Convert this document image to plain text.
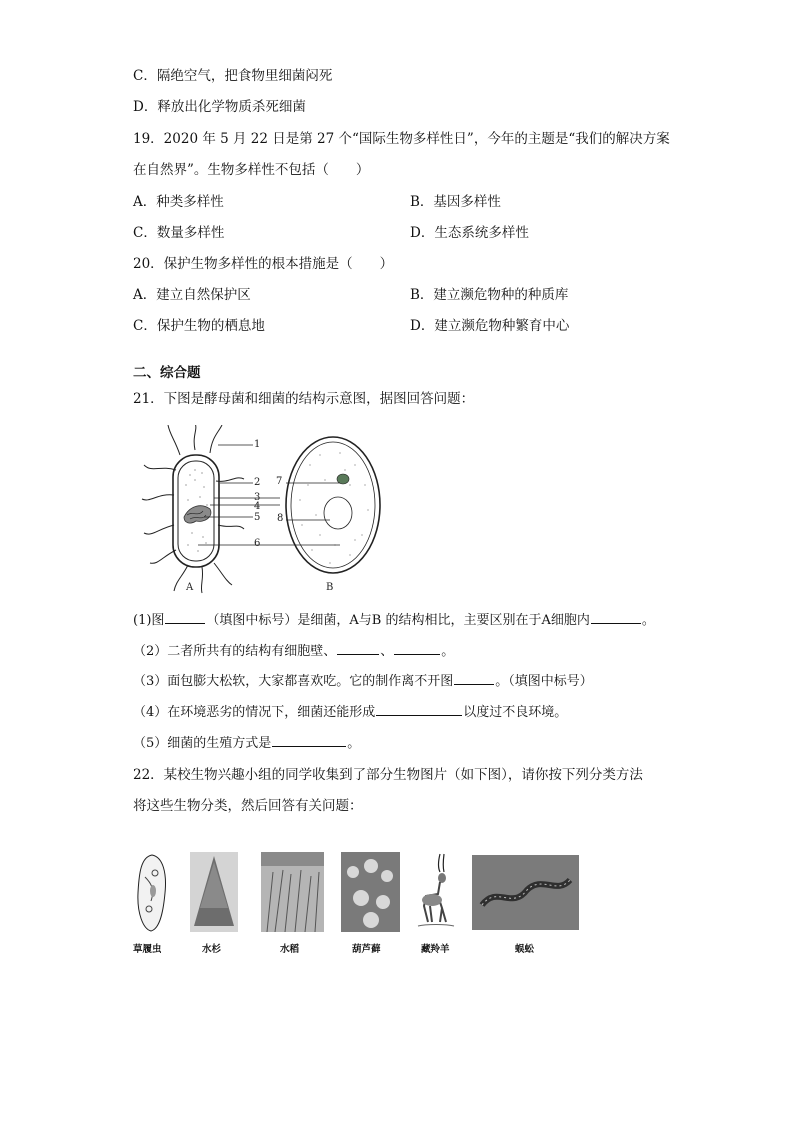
C．隔绝空气，把食物里细菌闷死
D．释放出化学物质杀死细菌
19．2020 年 5 月 22 日是第 27 个“国际生物多样性日”，今年的主题是“我们的解决方案
在自然界”。生物多样性不包括（　　）
A．种类多样性	B．基因多样性
C．数量多样性	D．生态系统多样性
20．保护生物多样性的根本措施是（　　）
A．建立自然保护区	B．建立濒危物种的种质库
C．保护生物的栖息地	D．建立濒危物种繁育中心
二、综合题
21．下图是酵母菌和细菌的结构示意图，据图回答问题：
1
2
3
4
5
6
7
8
A	B
(1)图	（填图中标号）是细菌，A与B 的结构相比，主要区别在于A细胞内	。
（2）二者所共有的结构有细胞壁、	、	。
（3）面包膨大松软，大家都喜欢吃。它的制作离不开图	。（填图中标号）
（4）在环境恶劣的情况下，细菌还能形成	以度过不良环境。
（5）细菌的生殖方式是	。
22．某校生物兴趣小组的同学收集到了部分生物图片（如下图），请你按下列分类方法
将这些生物分类，然后回答有关问题：
草履虫	水杉	水稻	葫芦藓	藏羚羊	蜈蚣
